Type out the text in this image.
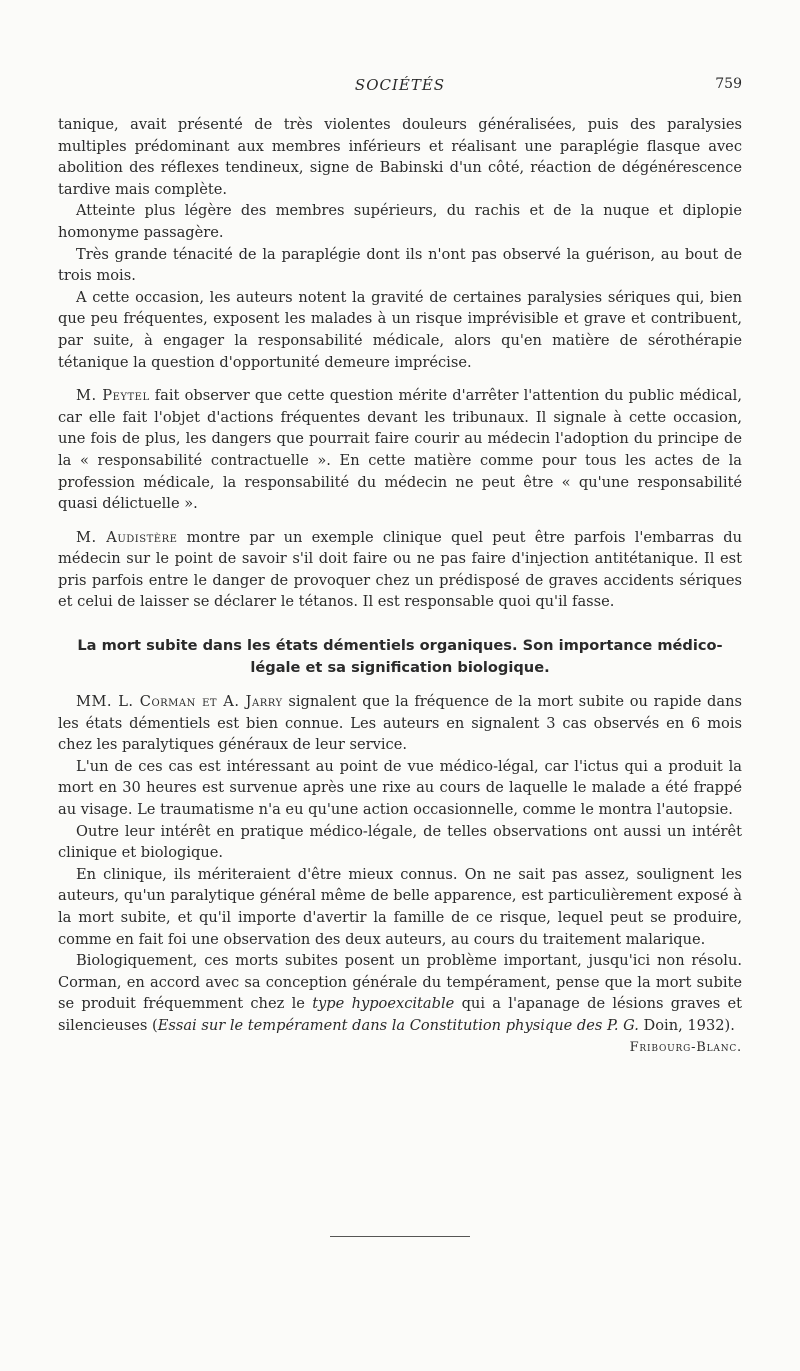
SOCIÉTÉS	759

tanique, avait présenté de très violentes douleurs généralisées, puis des paralysies multiples prédominant aux membres inférieurs et réalisant une paraplégie flasque avec abolition des réflexes tendineux, signe de Babinski d'un côté, réaction de dégénérescence tardive mais complète.

Atteinte plus légère des membres supérieurs, du rachis et de la nuque et diplopie homonyme passagère.

Très grande ténacité de la paraplégie dont ils n'ont pas observé la guérison, au bout de trois mois.

A cette occasion, les auteurs notent la gravité de certaines paralysies sériques qui, bien que peu fréquentes, exposent les malades à un risque imprévisible et grave et contribuent, par suite, à engager la responsabilité médicale, alors qu'en matière de sérothérapie tétanique la question d'opportunité demeure imprécise.

M. Peytel fait observer que cette question mérite d'arrêter l'attention du public médical, car elle fait l'objet d'actions fréquentes devant les tribunaux. Il signale à cette occasion, une fois de plus, les dangers que pourrait faire courir au médecin l'adoption du principe de la « responsabilité contractuelle ». En cette matière comme pour tous les actes de la profession médicale, la responsabilité du médecin ne peut être « qu'une responsabilité quasi délictuelle ».

M. Audistère montre par un exemple clinique quel peut être parfois l'embarras du médecin sur le point de savoir s'il doit faire ou ne pas faire d'injection antitétanique. Il est pris parfois entre le danger de provoquer chez un prédisposé de graves accidents sériques et celui de laisser se déclarer le tétanos. Il est responsable quoi qu'il fasse.

La mort subite dans les états démentiels organiques. Son importance médico-légale et sa signification biologique.

MM. L. Corman et A. Jarry signalent que la fréquence de la mort subite ou rapide dans les états démentiels est bien connue. Les auteurs en signalent 3 cas observés en 6 mois chez les paralytiques généraux de leur service.

L'un de ces cas est intéressant au point de vue médico-légal, car l'ictus qui a produit la mort en 30 heures est survenue après une rixe au cours de laquelle le malade a été frappé au visage. Le traumatisme n'a eu qu'une action occasionnelle, comme le montra l'autopsie.

Outre leur intérêt en pratique médico-légale, de telles observations ont aussi un intérêt clinique et biologique.

En clinique, ils mériteraient d'être mieux connus. On ne sait pas assez, soulignent les auteurs, qu'un paralytique général même de belle apparence, est particulièrement exposé à la mort subite, et qu'il importe d'avertir la famille de ce risque, lequel peut se produire, comme en fait foi une observation des deux auteurs, au cours du traitement malarique.

Biologiquement, ces morts subites posent un problème important, jusqu'ici non résolu. Corman, en accord avec sa conception générale du tempérament, pense que la mort subite se produit fréquemment chez le type hypoexcitable qui a l'apanage de lésions graves et silencieuses (Essai sur le tempérament dans la Constitution physique des P. G. Doin, 1932).
Fribourg-Blanc.
